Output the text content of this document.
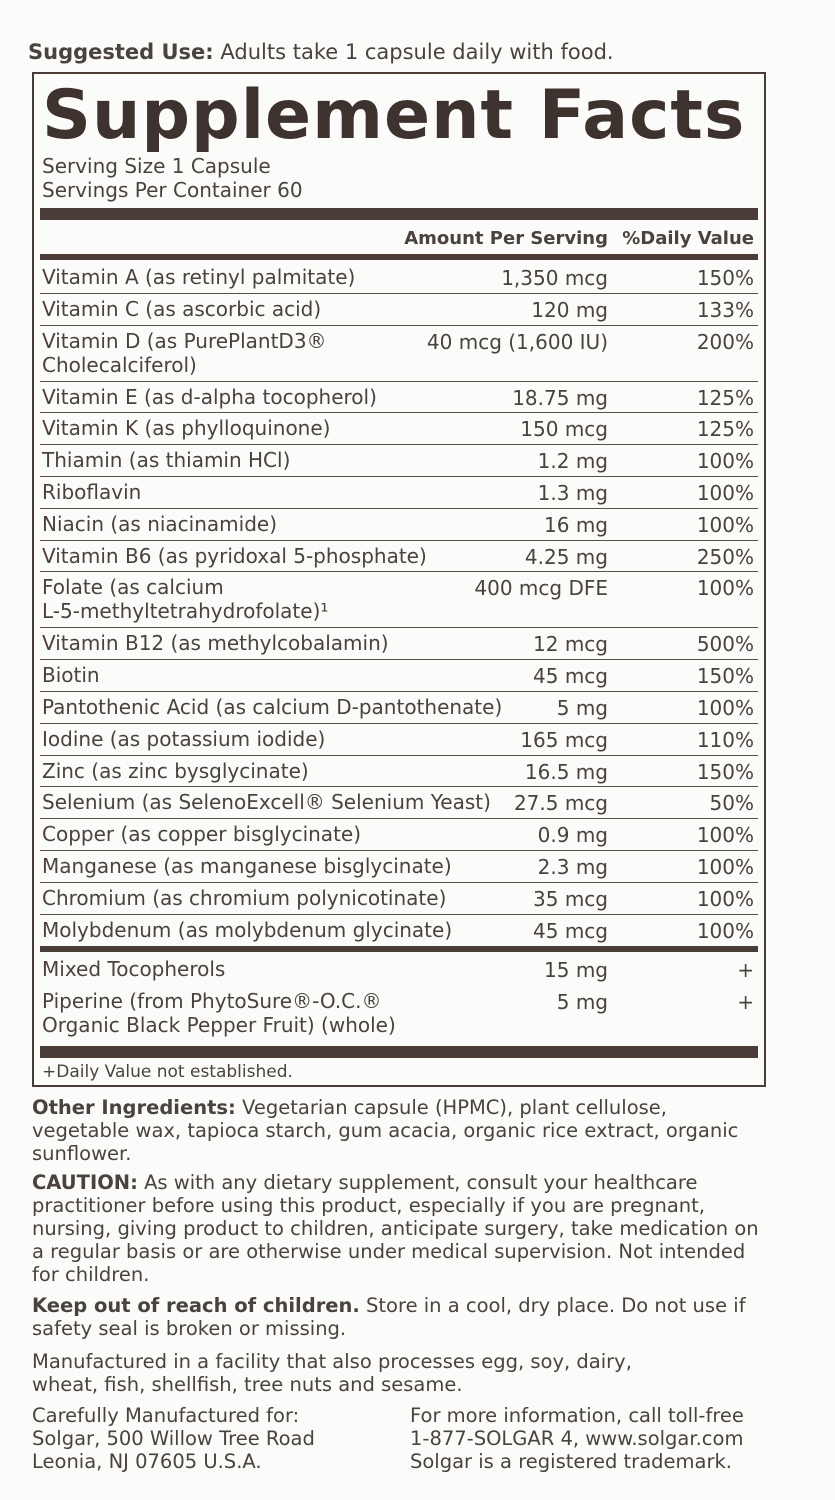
Suggested Use: Adults take 1 capsule daily with food.
Supplement Facts
Serving Size 1 Capsule
Servings Per Container 60
Amount Per Serving %Daily Value
Vitamin A (as retinyl palmitate)	1,350 mcg	150%
Vitamin C (as ascorbic acid)	120 mg	133%
Vitamin D (as PurePlantD3®
Cholecalciferol)
40 mcg (1,600 IU)	200%
Vitamin E (as d-alpha tocopherol)	18.75 mg	125%
Vitamin K (as phylloquinone)	150 mcg	125%
Thiamin (as thiamin HCl)	1.2 mg	100%
Riboflavin	1.3 mg	100%
Niacin (as niacinamide)	16 mg	100%
Vitamin B6 (as pyridoxal 5-phosphate)	4.25 mg	250%
Folate (as calcium
L-5-methyltetrahydrofolate)¹
400 mcg DFE	100%
Vitamin B12 (as methylcobalamin)	12 mcg	500%
Biotin	45 mcg	150%
Pantothenic Acid (as calcium D-pantothenate)	5 mg	100%
Iodine (as potassium iodide)	165 mcg	110%
Zinc (as zinc bysglycinate)	16.5 mg	150%
Selenium (as SelenoExcell® Selenium Yeast) 27.5 mcg	50%
Copper (as copper bisglycinate)	0.9 mg	100%
Manganese (as manganese bisglycinate)	2.3 mg	100%
Chromium (as chromium polynicotinate)	35 mcg	100%
Molybdenum (as molybdenum glycinate)	45 mcg	100%
Mixed Tocopherols	15 mg	+
Piperine (from PhytoSure®-O.C.®
Organic Black Pepper Fruit) (whole)
5 mg	+
+Daily Value not established.
Other Ingredients: Vegetarian capsule (HPMC), plant cellulose, vegetable wax, tapioca starch, gum acacia, organic rice extract, organic sunflower.
CAUTION: As with any dietary supplement, consult your healthcare practitioner before using this product, especially if you are pregnant, nursing, giving product to children, anticipate surgery, take medication on a regular basis or are otherwise under medical supervision. Not intended for children.
Keep out of reach of children. Store in a cool, dry place. Do not use if safety seal is broken or missing.
Manufactured in a facility that also processes egg, soy, dairy, wheat, fish, shellfish, tree nuts and sesame.
Carefully Manufactured for:
Solgar, 500 Willow Tree Road
Leonia, NJ 07605 U.S.A.
For more information, call toll-free
1-877-SOLGAR 4, www.solgar.com
Solgar is a registered trademark.
